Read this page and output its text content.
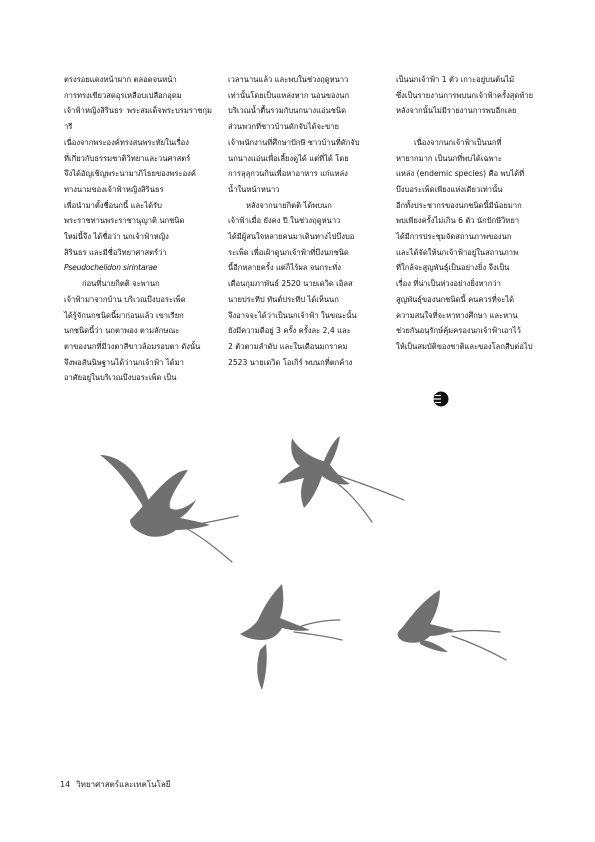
ตรงรอยแดงหน้าผาก ตลอดจนหน้า
การทรงเขียวสดอุรเหลือบเปลือกอุดม
เจ้าฟ้าหญิงสิรินธร พระสมเด็จพระบรมราชกุมารี
เนื่องจากพระองค์ทรงสนพระทัยในเรื่อง
ที่เกี่ยวกับธรรมชาติวิทยาและวนศาสตร์
จึงได้อัญเชิญพระนามาภิไธยของพระองค์
ทางนามของเจ้าฟ้าหญิงสิรินธร
เพื่อนำมาตั้งชื่อนกนี้ และได้รับ
พระราชทานพระราชานุญาติ นกชนิด
ใหม่นี้จึง ได้ชื่อว่า นกเจ้าฟ้าหญิง
สิรินธร และมีชื่อวิทยาศาสตร์ว่า

Pseudochelidon sirintarae

ก่อนที่นายกิตติ จะพานก
เจ้าฟ้ามาจากบ้าน บริเวณบึงบอระเพ็ด
ได้รู้จักนกชนิดนี้มาก่อนแล้ว เขาเรียก
นกชนิดนี้ว่า นกตาพอง ตามลักษณะ
ตาของนกที่มีวงตาสีขาวล้อมรอบตา ดังนั้น
จึงพอสันนิษฐานได้ว่านกเจ้าฟ้า ได้มา
อาศัยอยู่ในบริเวณบึงบอระเพ็ด เป็น

เวลานานแล้ว และพบในช่วงฤดูหนาว
เท่านั้นโดยเป็นแหล่งหาก นอนของนก
บริเวณน้ำตื้นรวมกับนกนางแอ่นชนิด
ส่วนพวกที่ชาวบ้านดักจับได้จะขาย
เจ้าพนักงานที่ศึกษาปักษี ชาวบ้านที่ดักจับ
นกนางแอ่นเพื่อเลี้ยงดูได้ แต่ที่ได้ โดย
การลุลุกวนกินเพื่อหาอาหาร แก่แหล่ง
น้ำในหน้าหนาว

หลังจากนายกิตติ ได้พบนก
เจ้าฟ้าเมื่อ ยังคง ปี ในช่วงฤดูหนาว
ได้มีผู้สนใจหลายคนมาเดินทางไปบึงบอ
ระเพ็ด เพื่อเฝ้าดูนกเจ้าฟ้าที่บึงนกชนิด
นี้อีกหลายครั้ง แต่ก็ไร้ผล จนกระทั่ง
เดือนกุมภาพันธ์ 2520 นายเดวิด เอิลส
นายประทีป ทันต์ประทีป ได้เห็นนก
จึงอาจจะได้ว่าเป็นนกเจ้าฟ้า ในขณะนั้น
ยังมีความดีอยู่ 3 ครั้ง ครั้งละ 2,4 และ
2 ตัวตามลำดับ และในเดือนมกราคม
2523 นายเดวิด โอเกิร์ พบนกที่ตกค้าง

เป็นนกเจ้าฟ้า 1 ตัว เกาะอยู่บนต้นไม้
ซึ่งเป็นรายงานการพบนกเจ้าฟ้าครั้งสุดท้าย
หลังจากนั้นไม่มีรายงานการพบอีกเลย

เนื่องจากนกเจ้าฟ้าเป็นนกที่
หายากมาก เป็นนกที่พบได้เฉพาะ
แหล่ง (endemic species) คือ พบได้ที่
บึงบอระเพ็ดเพียงแห่งเดียวเท่านั้น
อีกทั้งประชากรของนกชนิดนี้มีน้อยมาก
พบเพียงครั้งไม่เกิน 6 ตัว นักปักษีวิทยา
ได้มีการประชุมจัดสถานภาพของนก
และได้จัดให้นกเจ้าฟ้าอยู่ในสถานภาพ
ที่ใกล้จะสูญพันธุ์เป็นอย่างยิ่ง จึงเป็น
เรื่อง ที่น่าเป็นห่วงอย่างยิ่งหากว่า
สูญพันธุ์ของนกชนิดนี้ คนควรที่จะได้
ความสนใจที่จะหาทางศึกษา และหาน
ช่วยกันอนุรักษ์คุ้มครองนกเจ้าฟ้าเอาไว้
ให้เป็นสมบัติของชาติและของโลกสืบต่อไป

14 วิทยาศาสตร์และเทคโนโลยี
